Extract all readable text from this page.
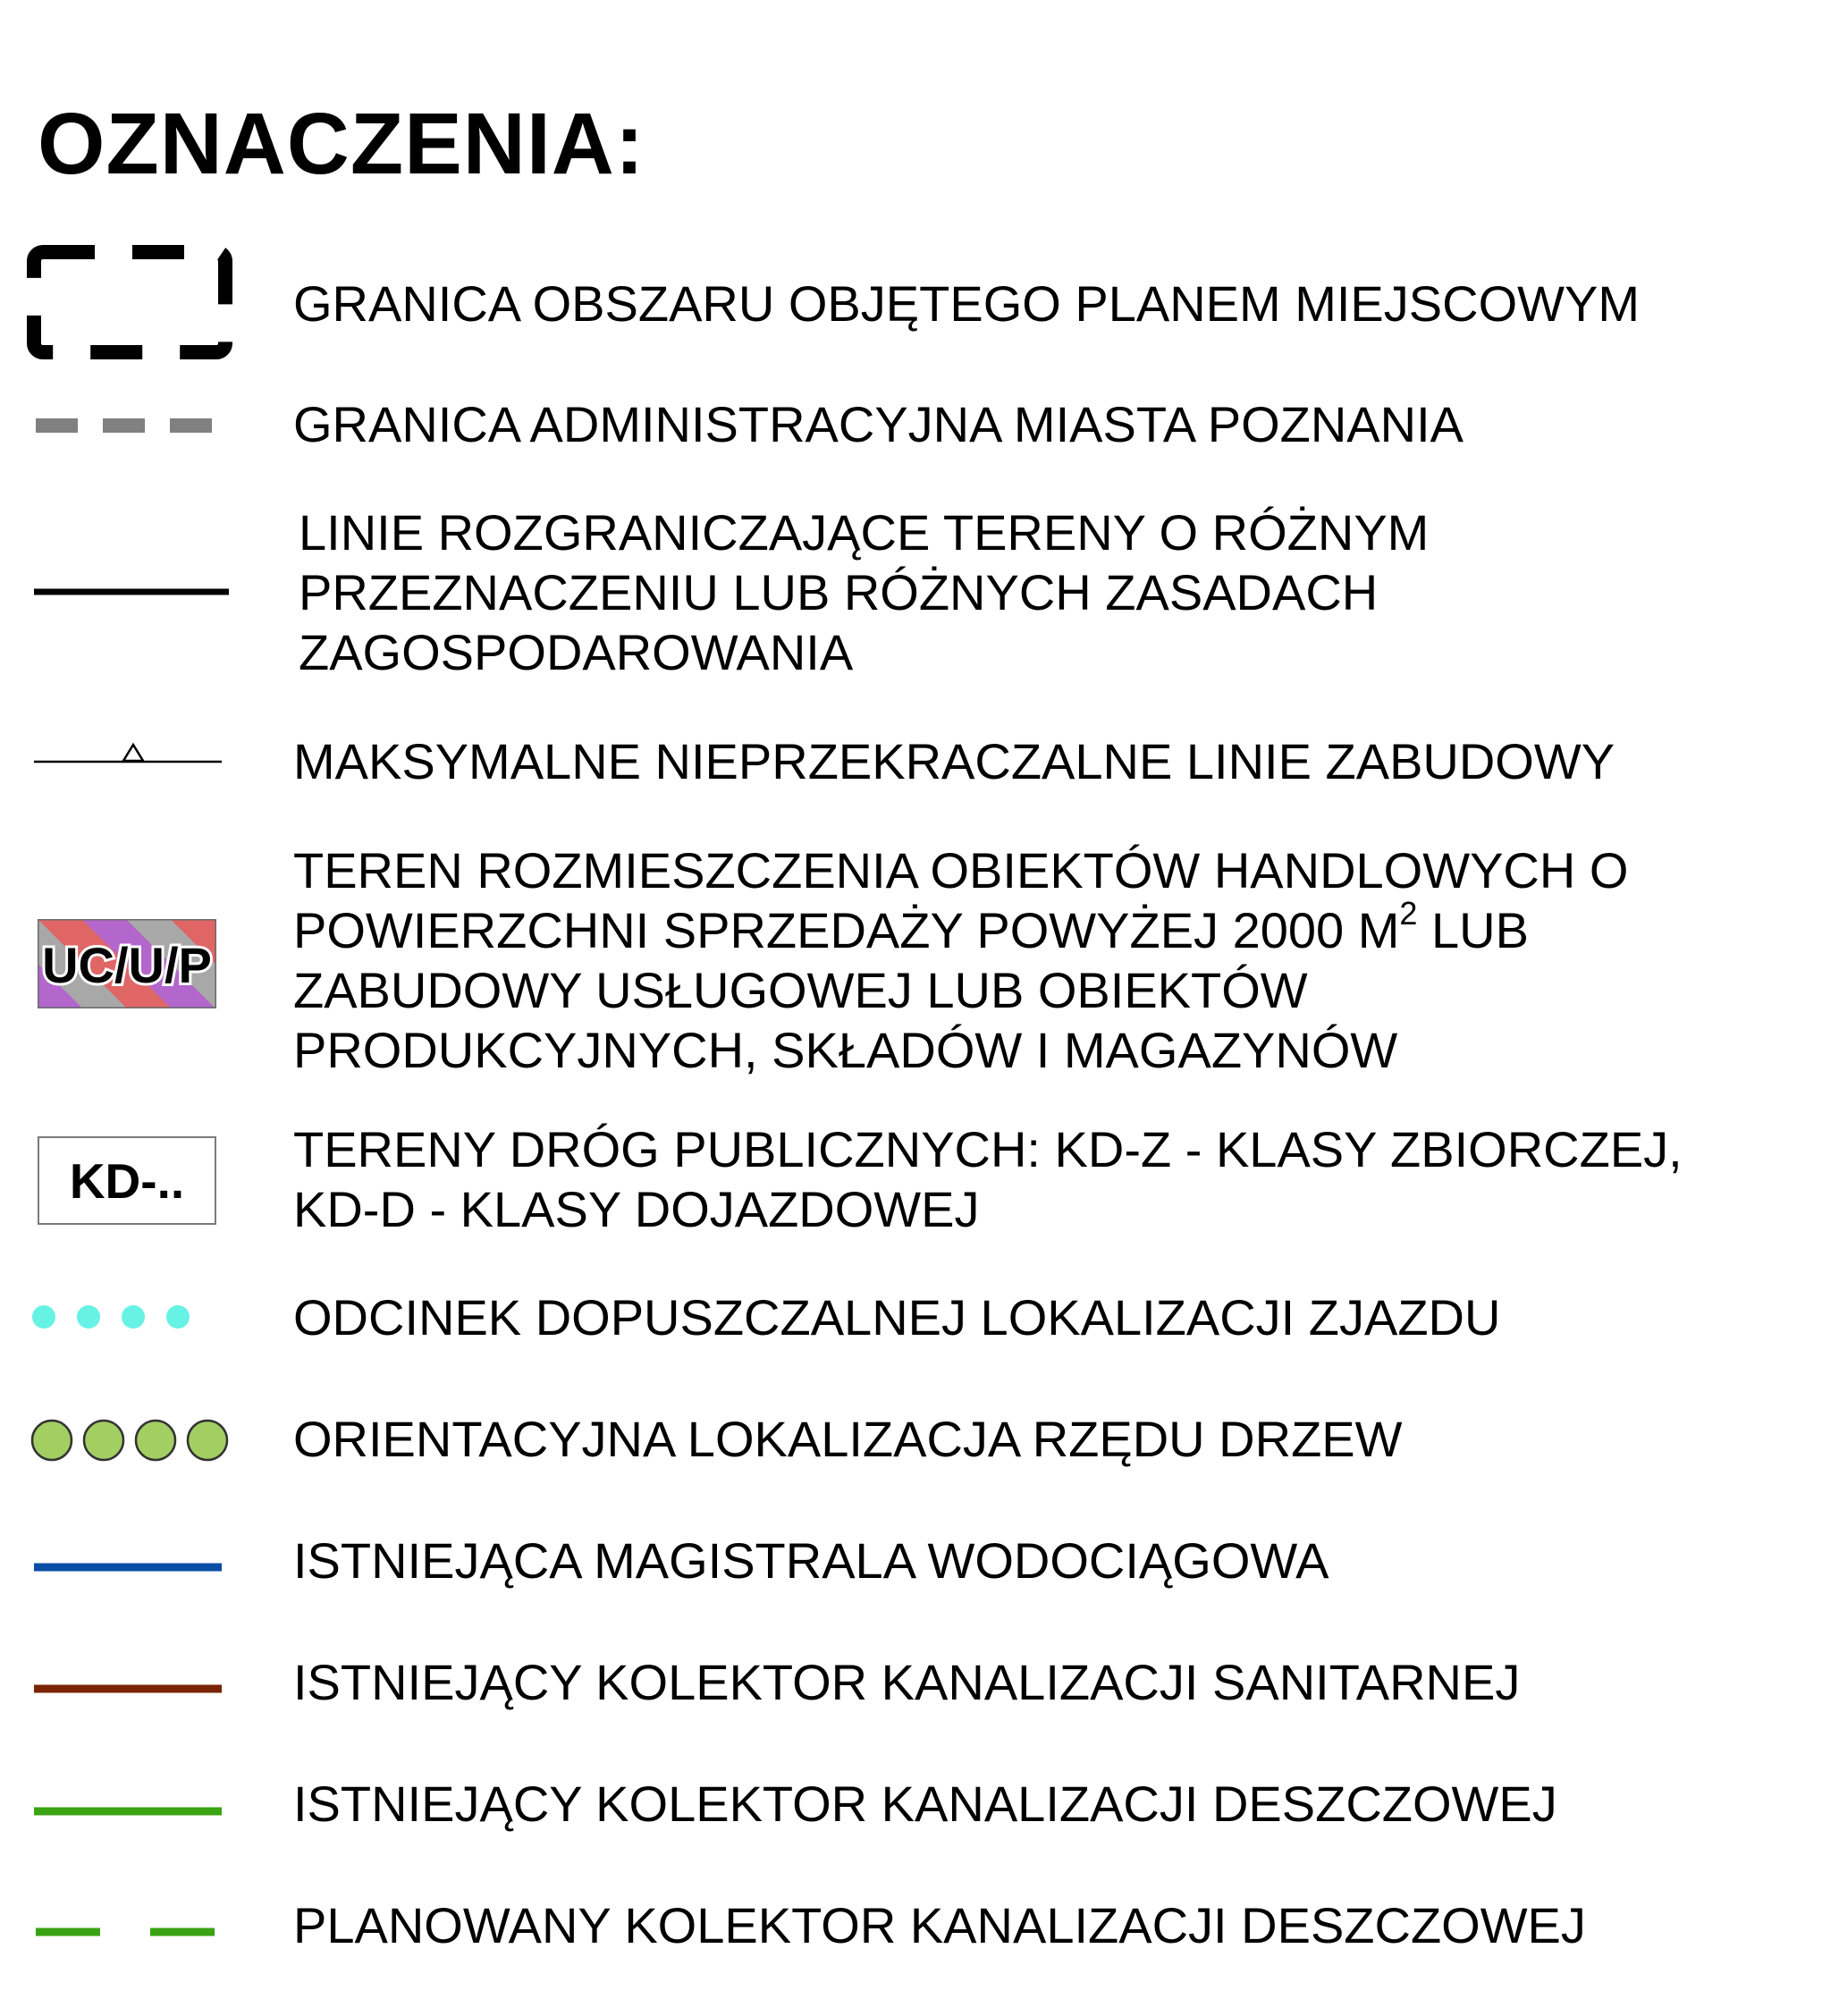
OZNACZENIA:
GRANICA OBSZARU OBJĘTEGO PLANEM MIEJSCOWYM
GRANICA ADMINISTRACYJNA MIASTA POZNANIA
LINIE ROZGRANICZAJĄCE TERENY O RÓŻNYM
PRZEZNACZENIU LUB RÓŻNYCH ZASADACH
ZAGOSPODAROWANIA
MAKSYMALNE NIEPRZEKRACZALNE LINIE ZABUDOWY
UC/U/P
TEREN ROZMIESZCZENIA OBIEKTÓW HANDLOWYCH O
POWIERZCHNI SPRZEDAŻY POWYŻEJ 2000 $M^2$ LUB
ZABUDOWY USŁUGOWEJ LUB OBIEKTÓW
PRODUKCYJNYCH, SKŁADÓW I MAGAZYNÓW
KD-..
TERENY DRÓG PUBLICZNYCH: KD-Z - KLASY ZBIORCZEJ,
KD-D - KLASY DOJAZDOWEJ
ODCINEK DOPUSZCZALNEJ LOKALIZACJI ZJAZDU
ORIENTACYJNA LOKALIZACJA RZĘDU DRZEW
ISTNIEJĄCA MAGISTRALA WODOCIĄGOWA
ISTNIEJĄCY KOLEKTOR KANALIZACJI SANITARNEJ
ISTNIEJĄCY KOLEKTOR KANALIZACJI DESZCZOWEJ
PLANOWANY KOLEKTOR KANALIZACJI DESZCZOWEJ
